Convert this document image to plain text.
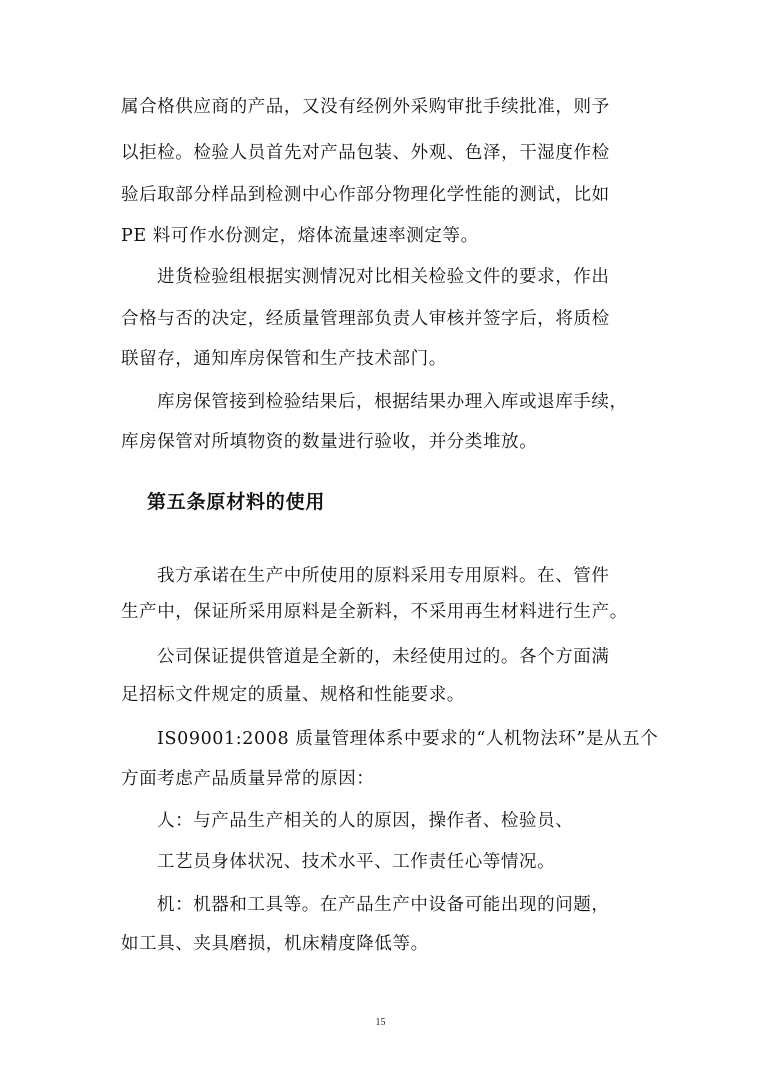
属合格供应商的产品，又没有经例外采购审批手续批准，则予
以拒检。检验人员首先对产品包装、外观、色泽，干湿度作检
验后取部分样品到检测中心作部分物理化学性能的测试，比如
PE 料可作水份测定，熔体流量速率测定等。
进货检验组根据实测情况对比相关检验文件的要求，作出
合格与否的决定，经质量管理部负责人审核并签字后，将质检
联留存，通知库房保管和生产技术部门。
库房保管接到检验结果后，根据结果办理入库或退库手续，
库房保管对所填物资的数量进行验收，并分类堆放。
第五条原材料的使用
我方承诺在生产中所使用的原料采用专用原料。在、管件
生产中，保证所采用原料是全新料，不采用再生材料进行生产。
公司保证提供管道是全新的，未经使用过的。各个方面满
足招标文件规定的质量、规格和性能要求。
IS09001:2008 质量管理体系中要求的“人机物法环”是从五个
方面考虑产品质量异常的原因：
人：与产品生产相关的人的原因，操作者、检验员、
工艺员身体状况、技术水平、工作责任心等情况。
机：机器和工具等。在产品生产中设备可能出现的问题，
如工具、夹具磨损，机床精度降低等。
15
